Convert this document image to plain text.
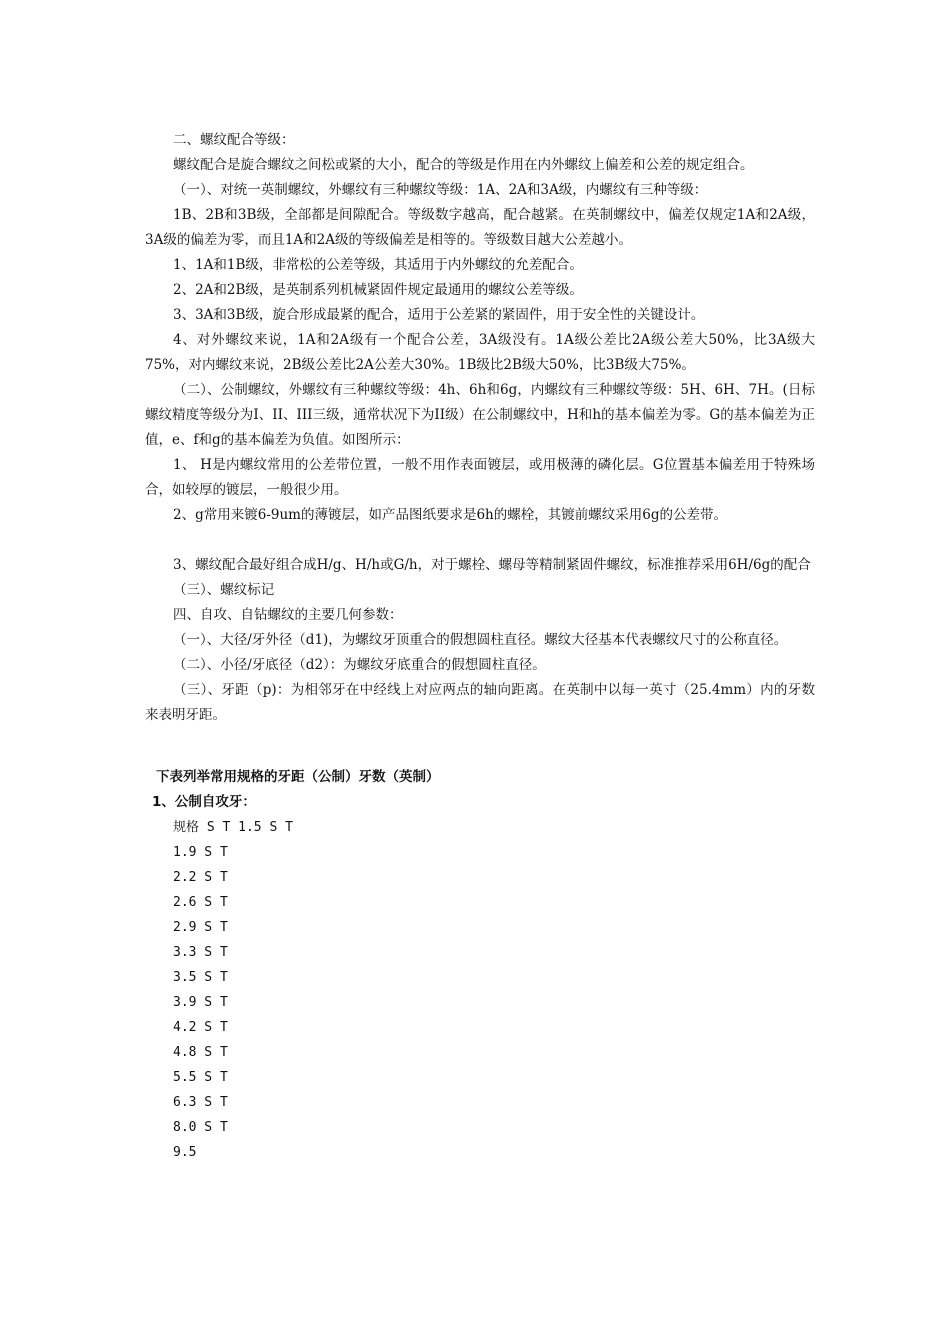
二、螺纹配合等级：

螺纹配合是旋合螺纹之间松或紧的大小，配合的等级是作用在内外螺纹上偏差和公差的规定组合。

（一）、对统一英制螺纹，外螺纹有三种螺纹等级：1A、2A和3A级，内螺纹有三种等级：

1B、2B和3B级，全部都是间隙配合。等级数字越高，配合越紧。在英制螺纹中，偏差仅规定1A和2A级，3A级的偏差为零，而且1A和2A级的等级偏差是相等的。等级数目越大公差越小。

1、1A和1B级，非常松的公差等级，其适用于内外螺纹的允差配合。

2、2A和2B级，是英制系列机械紧固件规定最通用的螺纹公差等级。

3、3A和3B级，旋合形成最紧的配合，适用于公差紧的紧固件，用于安全性的关键设计。

4、对外螺纹来说，1A和2A级有一个配合公差，3A级没有。1A级公差比2A级公差大50%，比3A级大75%，对内螺纹来说，2B级公差比2A公差大30%。1B级比2B级大50%，比3B级大75%。

（二）、公制螺纹，外螺纹有三种螺纹等级：4h、6h和6g，内螺纹有三种螺纹等级：5H、6H、7H。(日标螺纹精度等级分为I、II、III三级，通常状况下为II级）在公制螺纹中，H和h的基本偏差为零。G的基本偏差为正值，e、f和g的基本偏差为负值。如图所示：

1、 H是内螺纹常用的公差带位置，一般不用作表面镀层，或用极薄的磷化层。G位置基本偏差用于特殊场合，如较厚的镀层，一般很少用。

2、g常用来镀6-9um的薄镀层，如产品图纸要求是6h的螺栓，其镀前螺纹采用6g的公差带。

3、螺纹配合最好组合成H/g、H/h或G/h，对于螺栓、螺母等精制紧固件螺纹，标准推荐采用6H/6g的配合

（三）、螺纹标记

四、自攻、自钻螺纹的主要几何参数：

（一）、大径/牙外径（d1)，为螺纹牙顶重合的假想圆柱直径。螺纹大径基本代表螺纹尺寸的公称直径。

（二）、小径/牙底径（d2）：为螺纹牙底重合的假想圆柱直径。

（三）、牙距（p)：为相邻牙在中经线上对应两点的轴向距离。在英制中以每一英寸（25.4mm）内的牙数来表明牙距。

下表列举常用规格的牙距（公制）牙数（英制）

1、公制自攻牙：

规格 S T 1.5 S T
1.9 S T
2.2 S T
2.6 S T
2.9 S T
3.3 S T
3.5 S T
3.9 S T
4.2 S T
4.8 S T
5.5 S T
6.3 S T
8.0 S T
9.5
